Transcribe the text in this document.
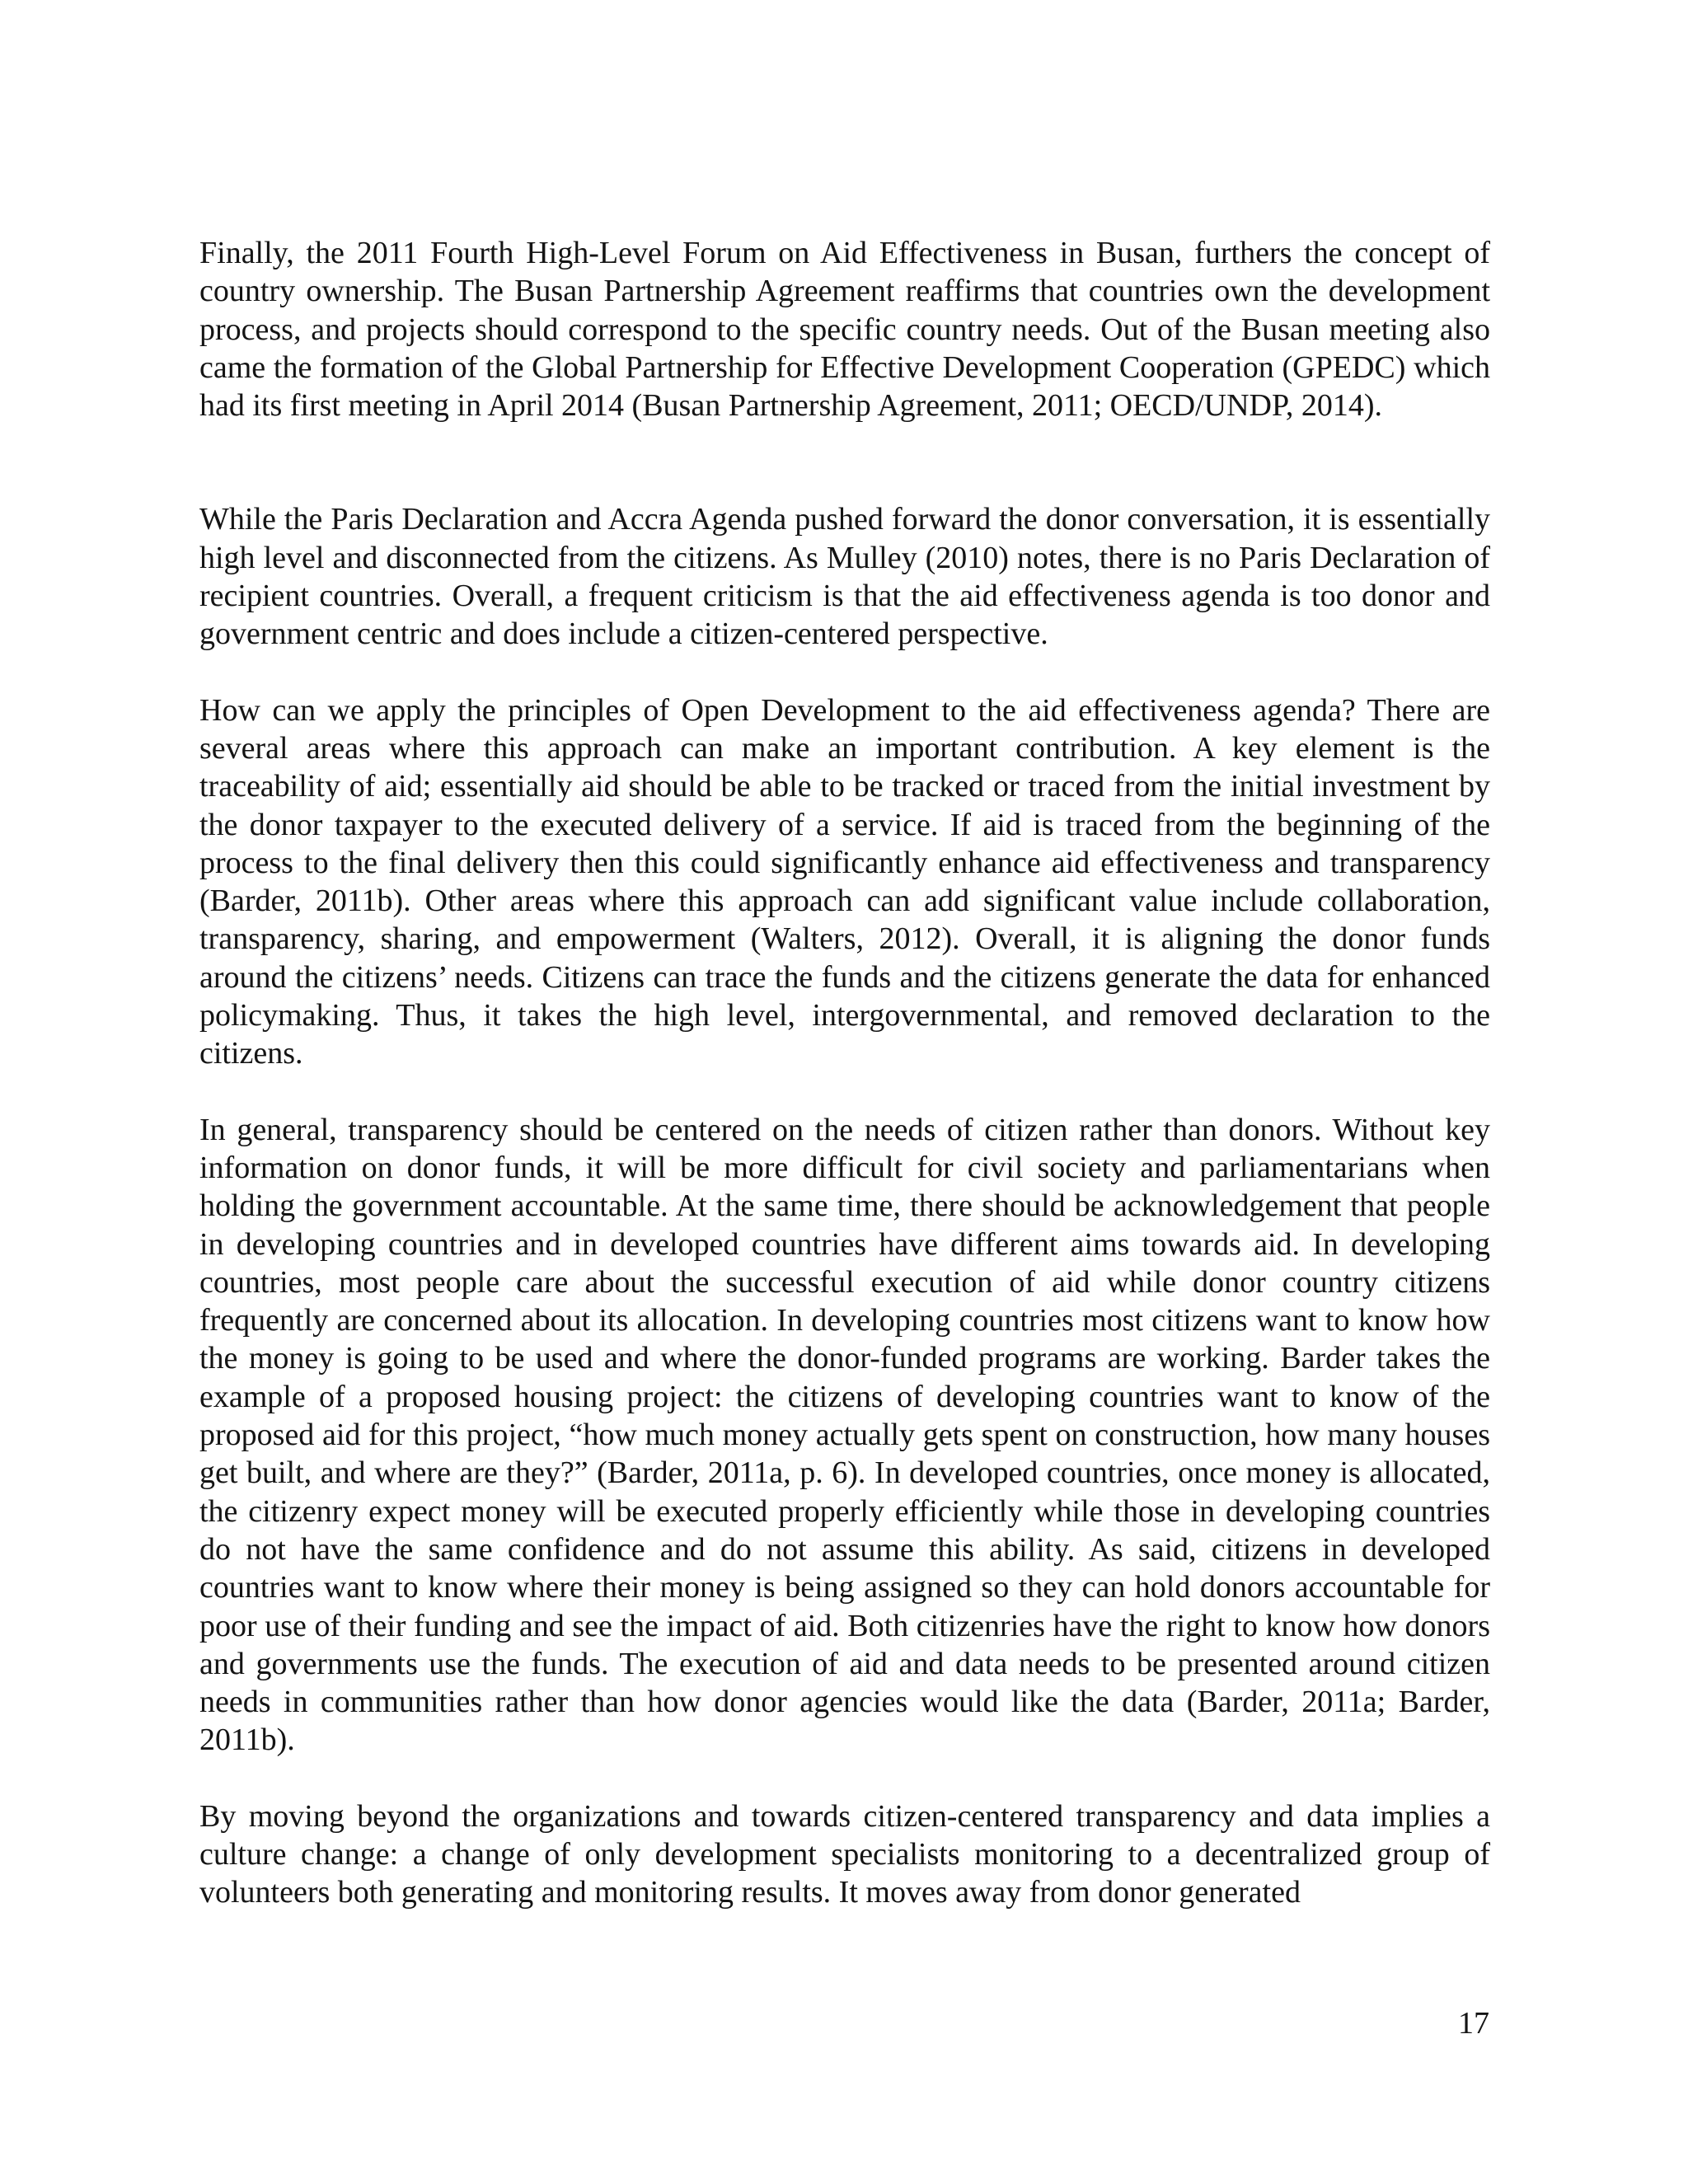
Finally, the 2011 Fourth High-Level Forum on Aid Effectiveness in Busan, furthers the concept of country ownership. The Busan Partnership Agreement reaffirms that countries own the development process, and projects should correspond to the specific country needs. Out of the Busan meeting also came the formation of the Global Partnership for Effective Development Cooperation (GPEDC) which had its first meeting in April 2014 (Busan Partnership Agreement, 2011; OECD/UNDP, 2014).

While the Paris Declaration and Accra Agenda pushed forward the donor conversation, it is essentially high level and disconnected from the citizens. As Mulley (2010) notes, there is no Paris Declaration of recipient countries. Overall, a frequent criticism is that the aid effectiveness agenda is too donor and government centric and does include a citizen-centered perspective.

How can we apply the principles of Open Development to the aid effectiveness agenda? There are several areas where this approach can make an important contribution. A key element is the traceability of aid; essentially aid should be able to be tracked or traced from the initial investment by the donor taxpayer to the executed delivery of a service. If aid is traced from the beginning of the process to the final delivery then this could significantly enhance aid effectiveness and transparency (Barder, 2011b). Other areas where this approach can add significant value include collaboration, transparency, sharing, and empowerment (Walters, 2012). Overall, it is aligning the donor funds around the citizens’ needs. Citizens can trace the funds and the citizens generate the data for enhanced policymaking. Thus, it takes the high level, intergovernmental, and removed declaration to the citizens.

In general, transparency should be centered on the needs of citizen rather than donors. Without key information on donor funds, it will be more difficult for civil society and parliamentarians when holding the government accountable. At the same time, there should be acknowledgement that people in developing countries and in developed countries have different aims towards aid. In developing countries, most people care about the successful execution of aid while donor country citizens frequently are concerned about its allocation. In developing countries most citizens want to know how the money is going to be used and where the donor-funded programs are working. Barder takes the example of a proposed housing project: the citizens of developing countries want to know of the proposed aid for this project, “how much money actually gets spent on construction, how many houses get built, and where are they?” (Barder, 2011a, p. 6). In developed countries, once money is allocated, the citizenry expect money will be executed properly efficiently while those in developing countries do not have the same confidence and do not assume this ability. As said, citizens in developed countries want to know where their money is being assigned so they can hold donors accountable for poor use of their funding and see the impact of aid. Both citizenries have the right to know how donors and governments use the funds. The execution of aid and data needs to be presented around citizen needs in communities rather than how donor agencies would like the data (Barder, 2011a; Barder, 2011b).

By moving beyond the organizations and towards citizen-centered transparency and data implies a culture change: a change of only development specialists monitoring to a decentralized group of volunteers both generating and monitoring results. It moves away from donor generated

17
